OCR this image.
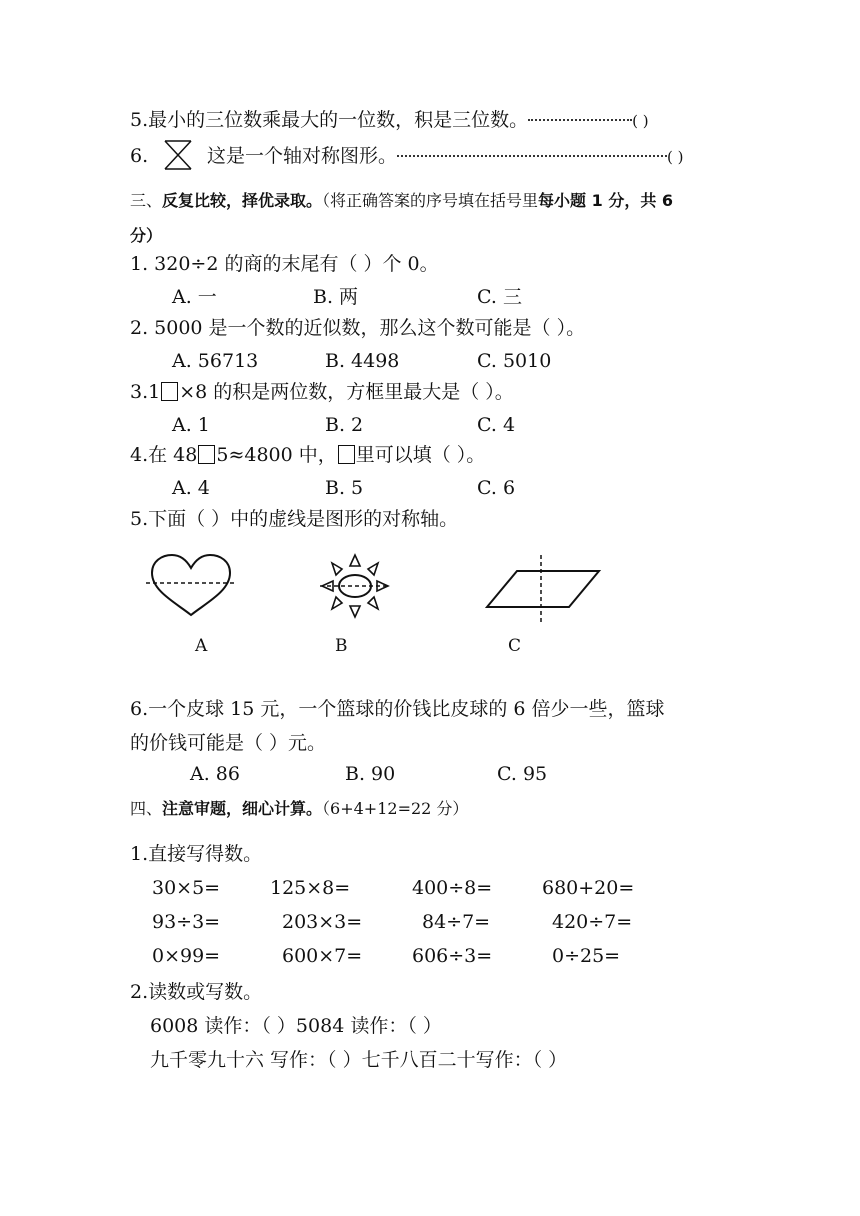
5.最小的三位数乘最大的一位数，积是三位数。	( )
6.	这是一个轴对称图形。	( )
三、反复比较，择优录取。（将正确答案的序号填在括号里每小题 1 分，共 6
分）
1. 320÷2 的商的末尾有（ ）个 0。
A. 一	B. 两	C. 三
2. 5000 是一个数的近似数，那么这个数可能是（ ）。
A. 56713	B. 4498	C. 5010
3.1 ×8 的积是两位数，方框里最大是（ ）。
A. 1	B. 2	C. 4
4.在 48 5≈4800 中， 里可以填（ ）。
A. 4	B. 5	C. 6
5.下面（ ）中的虚线是图形的对称轴。
A	B	C
6.一个皮球 15 元，一个篮球的价钱比皮球的 6 倍少一些，篮球
的价钱可能是（ ）元。
A. 86	B. 90	C. 95
四、注意审题，细心计算。（6+4+12=22 分）
1.直接写得数。
30×5=	125×8=	400÷8=	680+20=
93÷3=	203×3=	84÷7=	420÷7=
0×99=	600×7=	606÷3=	0÷25=
2.读数或写数。
6008 读作：（ ）5084 读作：（ ）
九千零九十六 写作：（ ）七千八百二十写作：（ ）
